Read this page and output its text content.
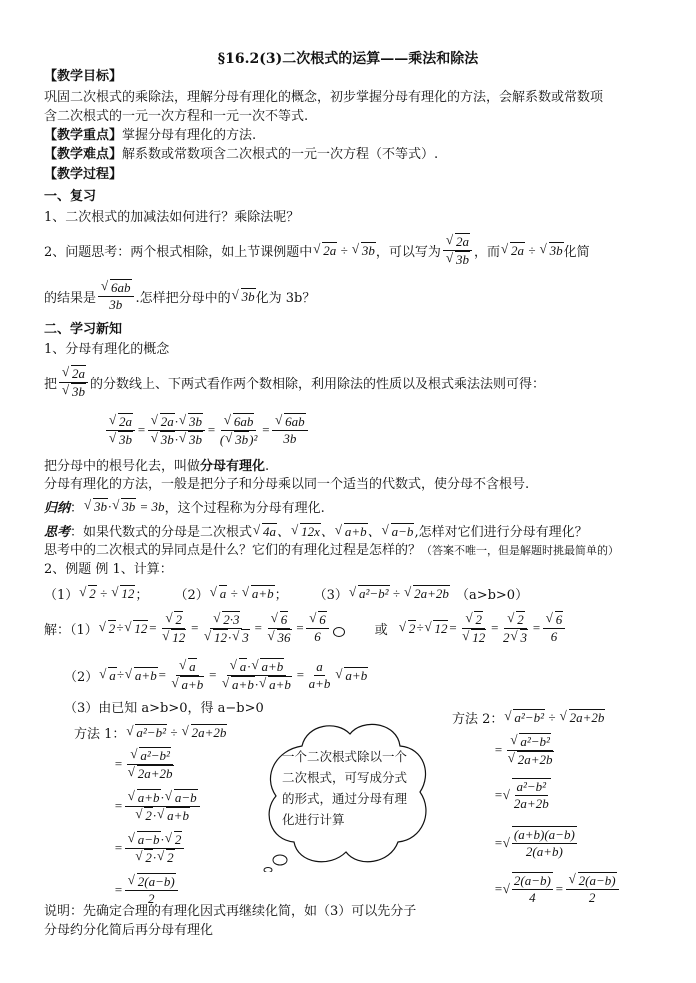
§16.2(3)二次根式的运算——乘法和除法
【教学目标】
巩固二次根式的乘除法，理解分母有理化的概念，初步掌握分母有理化的方法，会解系数或常数项
含二次根式的一元一次方程和一元一次不等式.
【教学重点】掌握分母有理化的方法.
【教学难点】解系数或常数项含二次根式的一元一次方程（不等式）.
【教学过程】
一、复习
1、二次根式的加减法如何进行？乘除法呢？
2、问题思考：两个根式相除，如上节课例题中 √ 2a ÷ √ 3b ，可以写为
√ 2a
√ 3b ，而 √ 2a ÷ √ 3b 化简
的结果是
√ 6ab
3b .怎样把分母中的 √ 3b 化为 3b？
二、学习新知
1、分母有理化的概念
把
√ 2a
√ 3b 的分数线上、下两式看作两个数相除，利用除法的性质以及根式乘法法则可得：
√ 2a
√ 3b
=
√ 2a· √ 3b
√ 3b· √ 3b
=
√ 6ab
( √ 3b)²
=
√ 6ab
3b
把分母中的根号化去，叫做分母有理化.
分母有理化的方法，一般是把分子和分母乘以同一个适当的代数式，使分母不含根号.
归纳 ： √ 3b· √ 3b = 3b ，这个过程称为分母有理化.
思考 ： 如果代数式的分母是二次根式 √ 4a、 √ 12x、 √ a+b、 √ a−b ,怎样对它们进行分母有理化？
思考中的二次根式的异同点是什么？它们的有理化过程是怎样的？（答案不唯一，但是解题时挑最简单的）
2、例题 例 1、计算：
（1） √ 2 ÷ √ 12 ； （2） √ a ÷ √ a+b ； （3） √ a²−b² ÷ √ 2a+2b （a>b>0）
解：（1） √ 2 ÷ √ 12 =
√ 2
√ 12
=
√ 2·3
√ 12· √ 3
=
√ 6
√ 36
=
√ 6
6	或	√ 2 ÷ √ 12 =
√ 2
√ 12
=
√ 2
2 √ 3
=
√ 6
6
（2） √ a ÷ √ a+b =
√ a
√ a+b
=
√ a· √ a+b
√ a+b· √ a+b
=
a
a+b
√ a+b
（3）由已知 a>b>0，得 a−b>0
方法 1： √ a²−b² ÷ √ 2a+2b
=
√ a²−b²
√ 2a+2b
=
√ a+b· √ a−b
√ 2· √ a+b
=
√ a−b· √ 2
√ 2· √ 2
=
√ 2(a−b)
2
一个二次根式除以一个二次根式，可写成分式的形式，通过分母有理化进行计算
方法 2： √ a²−b² ÷ √ 2a+2b
=
√ a²−b²
√ 2a+2b
= √
a²−b²
2a+2b
= √
(a+b)(a−b)
2(a+b)
= √
2(a−b)
4
=
√ 2(a−b)
2
说明：先确定合理的有理化因式再继续化简，如（3）可以先分子
分母约分化简后再分母有理化
